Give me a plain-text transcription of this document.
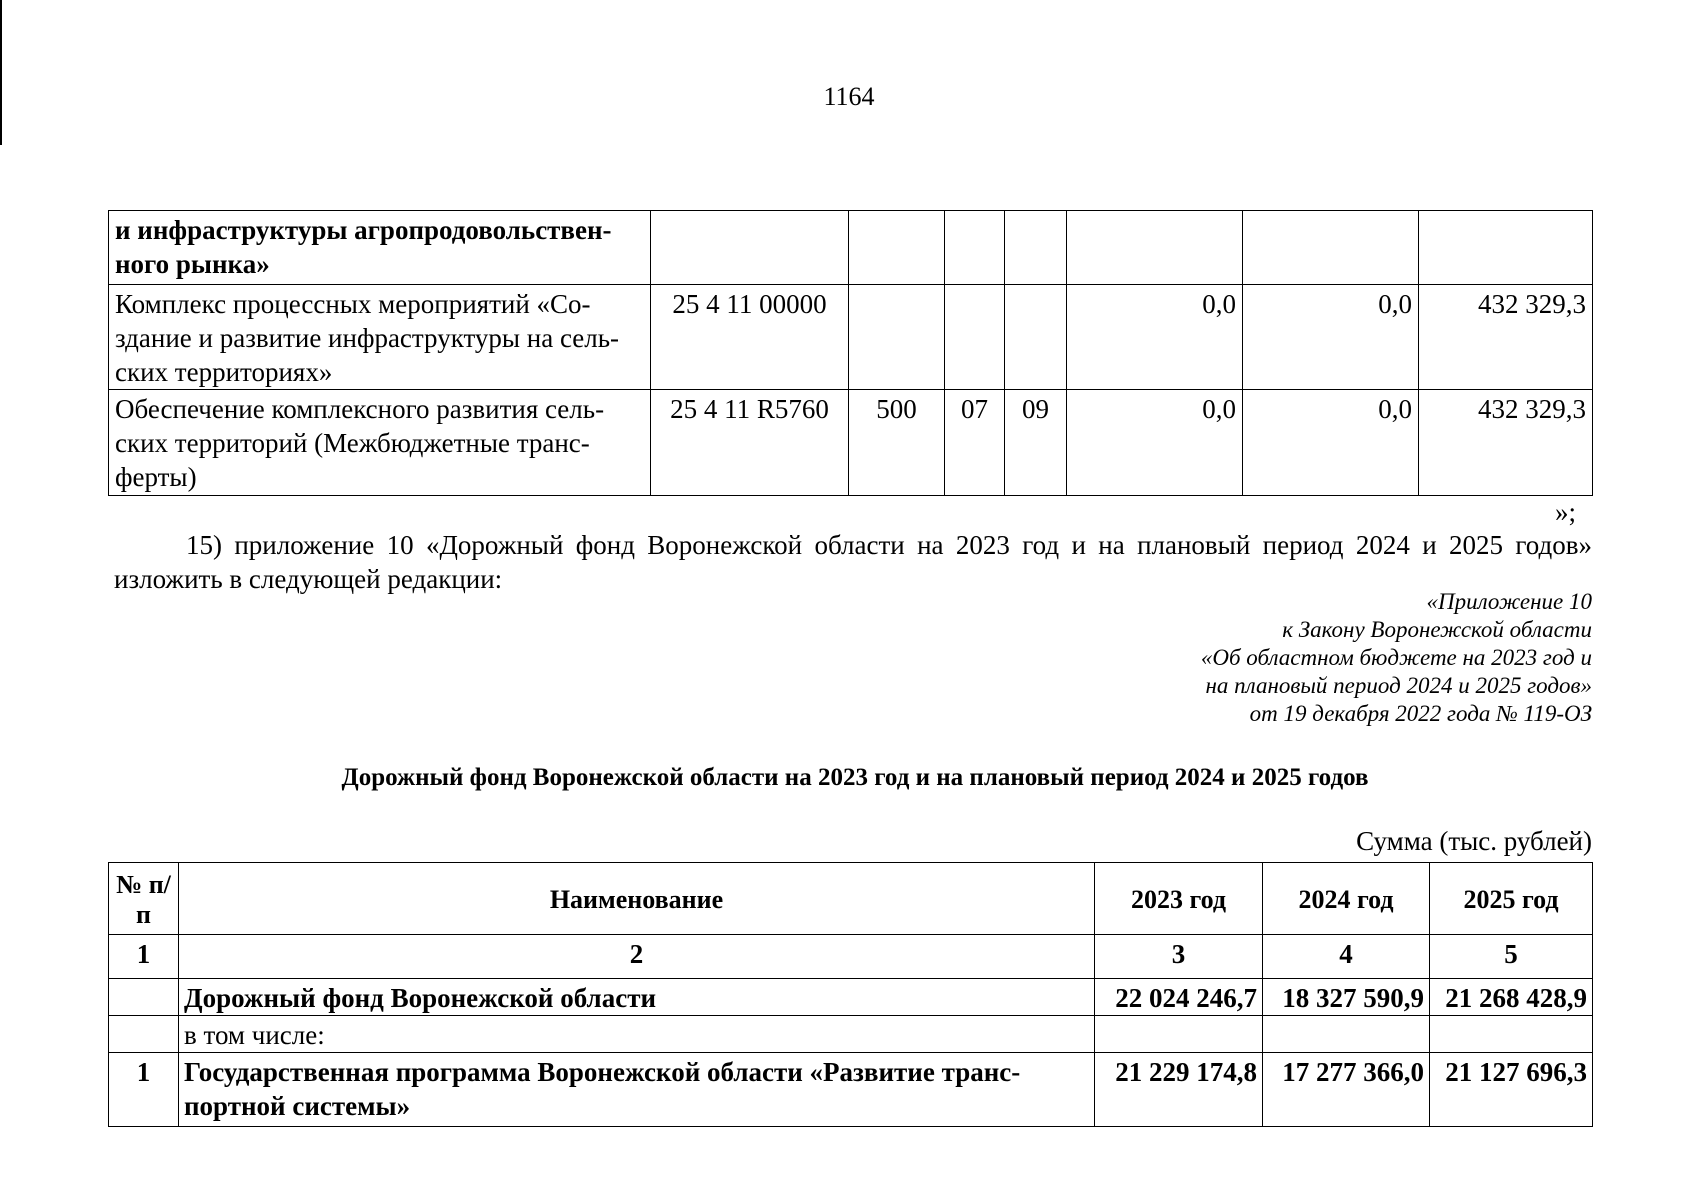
1164
и инфраструктуры агропродовольствен-ного рынка»							
Комплекс процессных мероприятий «Со-здание и развитие инфраструктуры на сель-ских территориях»	25 4 11 00000				0,0	0,0	432 329,3
Обеспечение комплексного развития сель-ских территорий (Межбюджетные транс-ферты)	25 4 11 R5760	500	07	09	0,0	0,0	432 329,3
»;
15) приложение 10 «Дорожный фонд Воронежской области на 2023 год и на плановый период 2024 и 2025 годов» изложить в следующей редакции:
«Приложение 10
к Закону Воронежской области
«Об областном бюджете на 2023 год и
на плановый период 2024 и 2025 годов»
от 19 декабря 2022 года № 119-ОЗ
Дорожный фонд Воронежской области на 2023 год и на плановый период 2024 и 2025 годов
Сумма (тыс. рублей)
№ п/п	Наименование	2023 год	2024 год	2025 год
1	2	3	4	5
	Дорожный фонд Воронежской области	22 024 246,7	18 327 590,9	21 268 428,9
	в том числе:			
1	Государственная программа Воронежской области «Развитие транс-портной системы»	21 229 174,8	17 277 366,0	21 127 696,3
